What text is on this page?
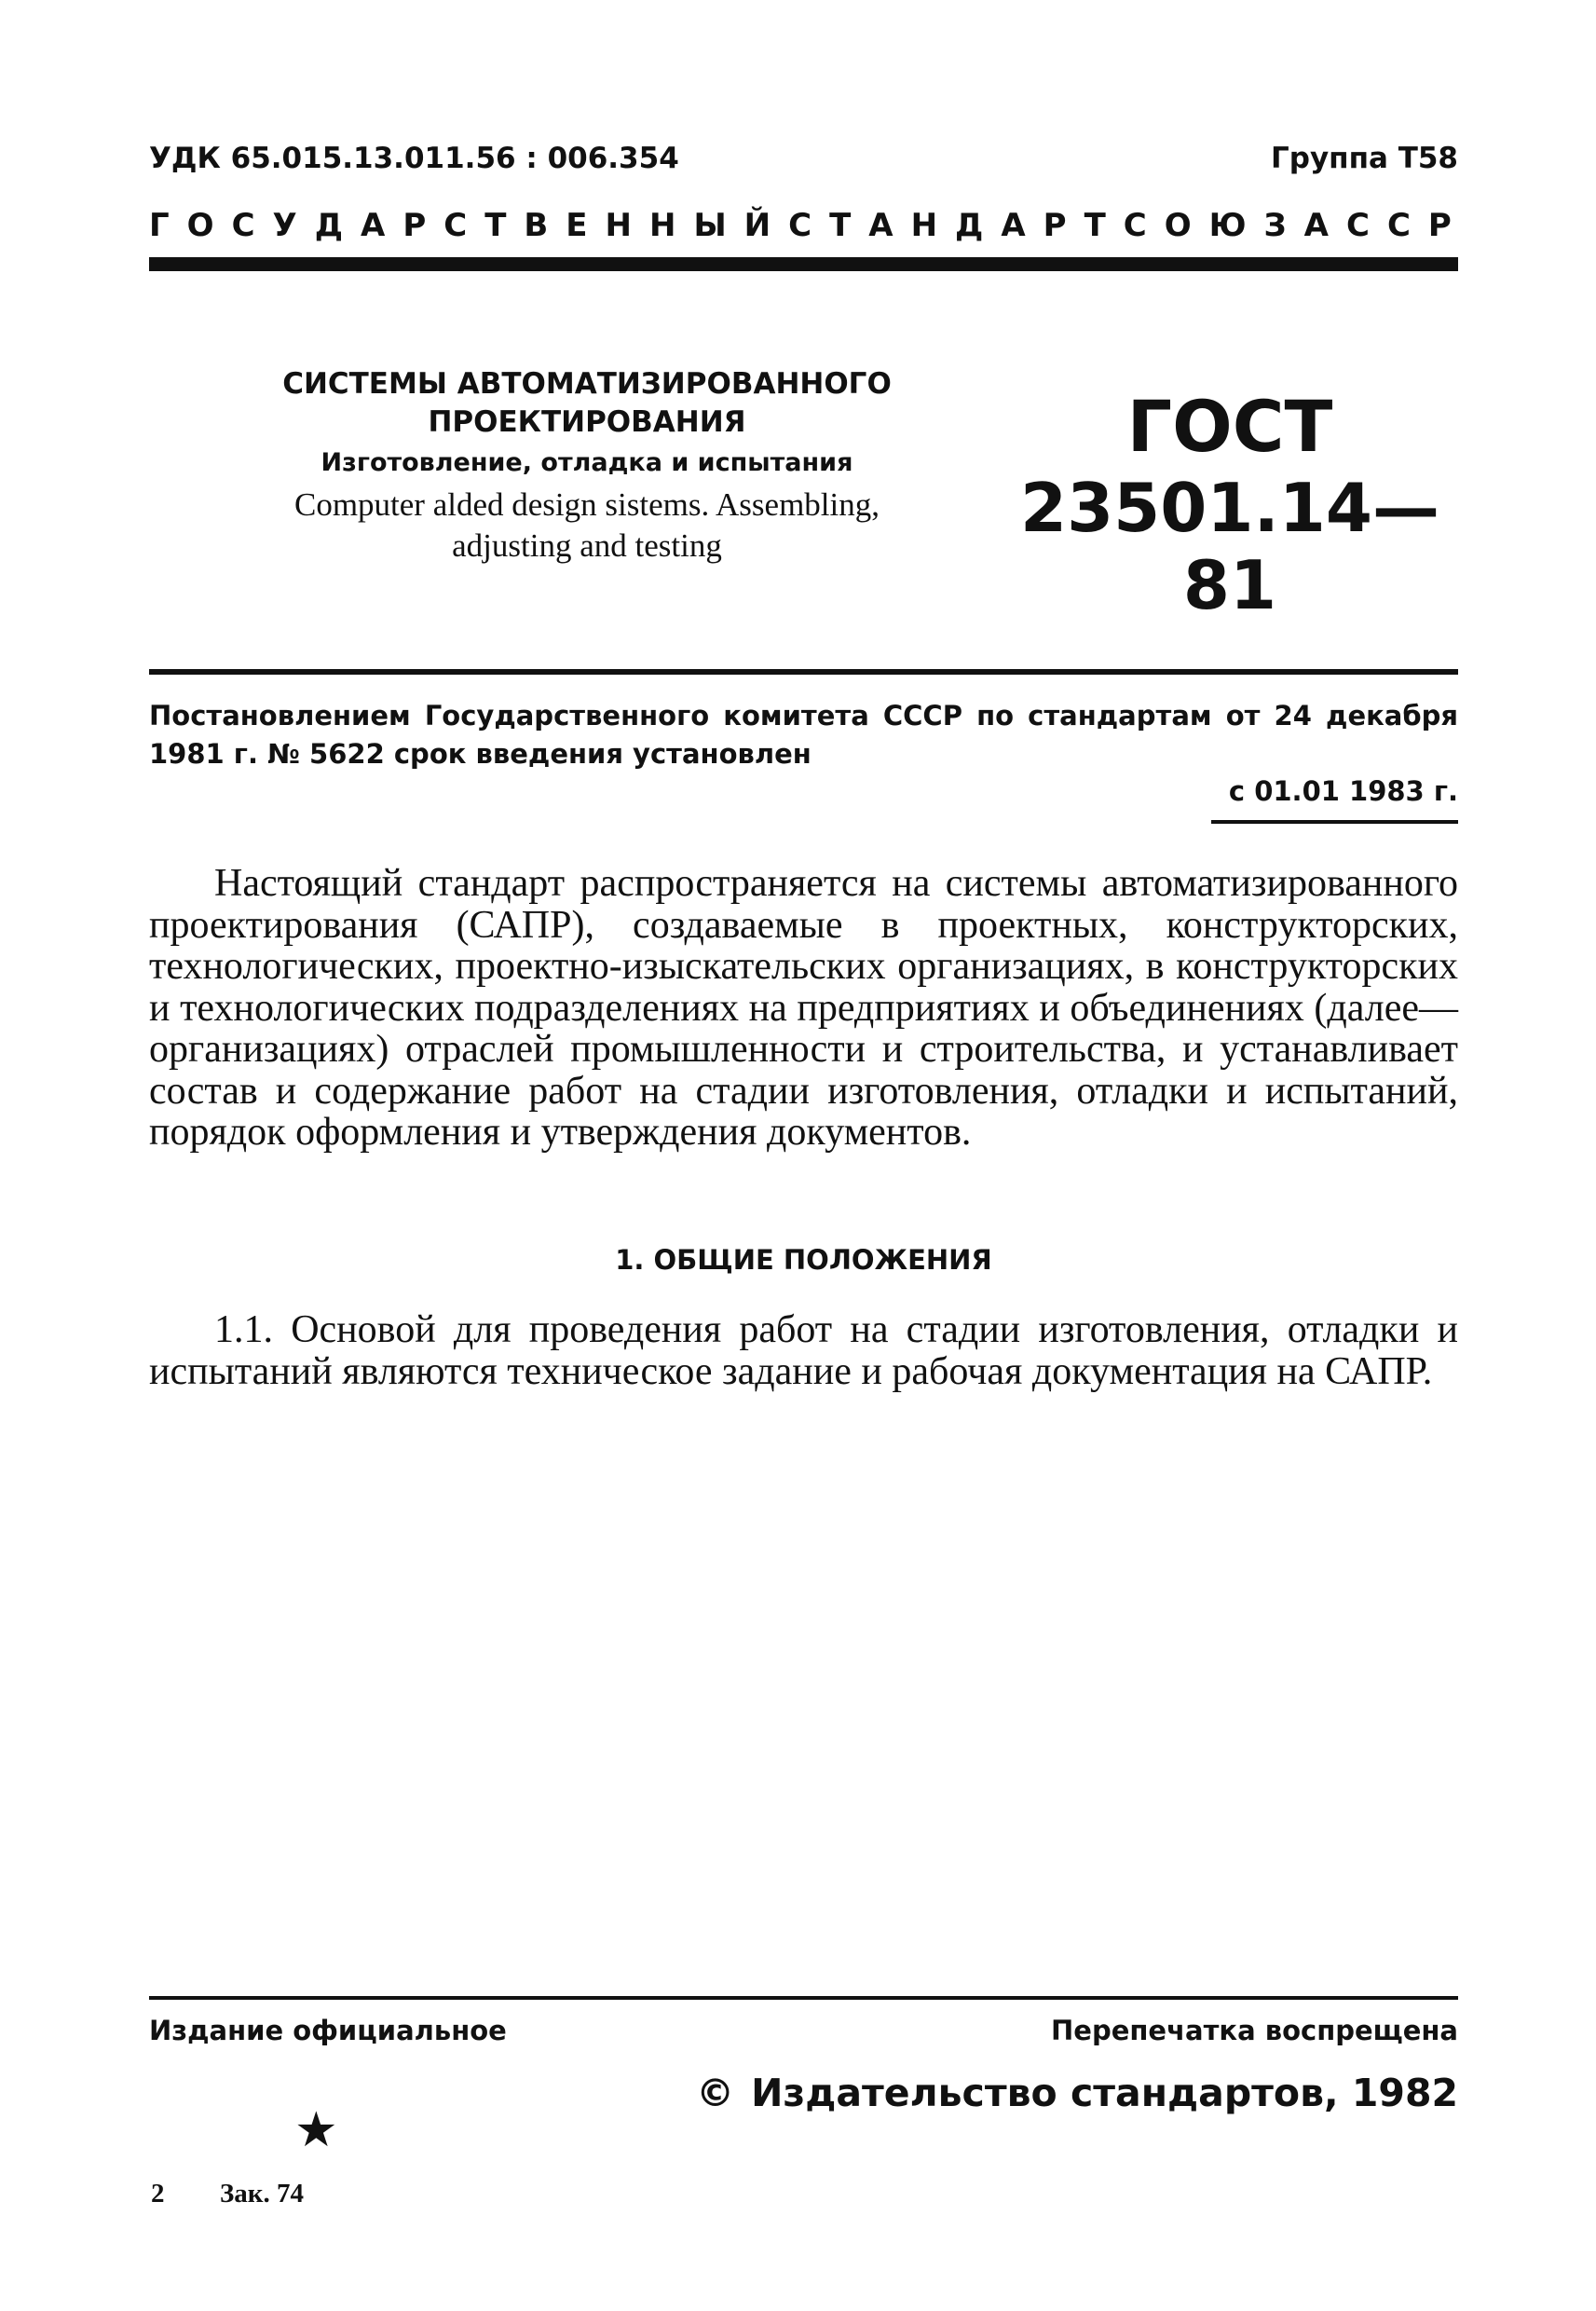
УДК 65.015.13.011.56 : 006.354	Группа Т58
ГОСУДАРСТВЕННЫЙ СТАНДАРТ СОЮЗА ССР
СИСТЕМЫ АВТОМАТИЗИРОВАННОГО
ПРОЕКТИРОВАНИЯ
Изготовление, отладка и испытания
Computer alded design sistems. Assembling,
adjusting and testing
ГОСТ
23501.14—81
Постановлением Государственного комитета СССР по стандартам от 24 декабря 1981 г. № 5622 срок введения установлен
с 01.01 1983 г.
Настоящий стандарт распространяется на системы автоматизированного проектирования (САПР), создаваемые в проектных, конструкторских, технологических, проектно-изыскательских организациях, в конструкторских и технологических подразделениях на предприятиях и объединениях (далее—организациях) отраслей промышленности и строительства, и устанавливает состав и содержание работ на стадии изготовления, отладки и испытаний, порядок оформления и утверждения документов.
1. ОБЩИЕ ПОЛОЖЕНИЯ
1.1. Основой для проведения работ на стадии изготовления, отладки и испытаний являются техническое задание и рабочая документация на САПР.
Издание официальное	Перепечатка воспрещена
© Издательство стандартов, 1982
★
2 Зак. 74
